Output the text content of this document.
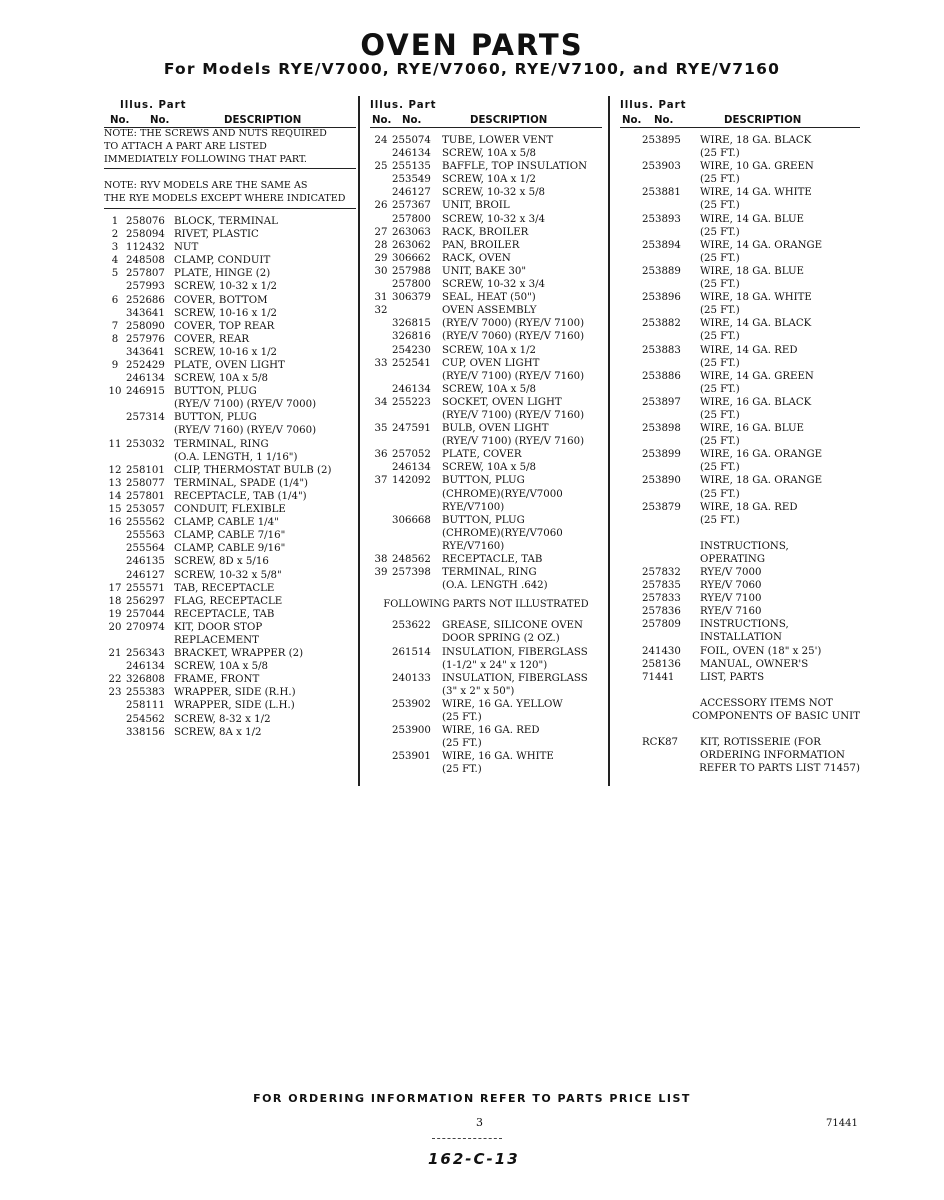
OVEN PARTS
For Models RYE/V7000, RYE/V7060, RYE/V7100, and RYE/V7160
Illus. Part
No. No.	DESCRIPTION
NOTE: THE SCREWS AND NUTS REQUIRED
TO ATTACH A PART ARE LISTED
IMMEDIATELY FOLLOWING THAT PART.
NOTE: RYV MODELS ARE THE SAME AS
THE RYE MODELS EXCEPT WHERE INDICATED
1 258076 BLOCK, TERMINAL
2 258094 RIVET, PLASTIC
3 112432 NUT
4 248508 CLAMP, CONDUIT
5 257807 PLATE, HINGE (2)
257993 SCREW, 10-32 x 1/2
6 252686 COVER, BOTTOM
343641 SCREW, 10-16 x 1/2
7 258090 COVER, TOP REAR
8 257976 COVER, REAR
343641 SCREW, 10-16 x 1/2
9 252429 PLATE, OVEN LIGHT
246134 SCREW, 10A x 5/8
10 246915 BUTTON, PLUG
(RYE/V 7100) (RYE/V 7000)
257314 BUTTON, PLUG
(RYE/V 7160) (RYE/V 7060)
11 253032 TERMINAL, RING
(O.A. LENGTH, 1 1/16")
12 258101 CLIP, THERMOSTAT BULB (2)
13 258077 TERMINAL, SPADE (1/4")
14 257801 RECEPTACLE, TAB (1/4")
15 253057 CONDUIT, FLEXIBLE
16 255562 CLAMP, CABLE 1/4"
255563 CLAMP, CABLE 7/16"
255564 CLAMP, CABLE 9/16"
246135 SCREW, 8D x 5/16
246127 SCREW, 10-32 x 5/8"
17 255571 TAB, RECEPTACLE
18 256297 FLAG, RECEPTACLE
19 257044 RECEPTACLE, TAB
20 270974 KIT, DOOR STOP
REPLACEMENT
21 256343 BRACKET, WRAPPER (2)
246134 SCREW, 10A x 5/8
22 326808 FRAME, FRONT
23 255383 WRAPPER, SIDE (R.H.)
258111 WRAPPER, SIDE (L.H.)
254562 SCREW, 8-32 x 1/2
338156 SCREW, 8A x 1/2
Illus. Part
No. No.	DESCRIPTION
24 255074	TUBE, LOWER VENT
246134	SCREW, 10A x 5/8
25 255135	BAFFLE, TOP INSULATION
253549	SCREW, 10A x 1/2
246127	SCREW, 10-32 x 5/8
26 257367	UNIT, BROIL
257800	SCREW, 10-32 x 3/4
27 263063	RACK, BROILER
28 263062	PAN, BROILER
29 306662	RACK, OVEN
30 257988	UNIT, BAKE 30"
257800	SCREW, 10-32 x 3/4
31 306379	SEAL, HEAT (50")
32	OVEN ASSEMBLY
326815	(RYE/V 7000) (RYE/V 7100)
326816	(RYE/V 7060) (RYE/V 7160)
254230	SCREW, 10A x 1/2
33 252541	CUP, OVEN LIGHT
(RYE/V 7100) (RYE/V 7160)
246134	SCREW, 10A x 5/8
34 255223	SOCKET, OVEN LIGHT
(RYE/V 7100) (RYE/V 7160)
35 247591	BULB, OVEN LIGHT
(RYE/V 7100) (RYE/V 7160)
36 257052	PLATE, COVER
246134	SCREW, 10A x 5/8
37 142092	BUTTON, PLUG
(CHROME)(RYE/V7000
RYE/V7100)
306668	BUTTON, PLUG
(CHROME)(RYE/V7060
RYE/V7160)
38 248562	RECEPTACLE, TAB
39 257398	TERMINAL, RING
(O.A. LENGTH .642)
FOLLOWING PARTS NOT ILLUSTRATED
253622	GREASE, SILICONE OVEN
DOOR SPRING (2 OZ.)
261514	INSULATION, FIBERGLASS
(1-1/2" x 24" x 120")
240133	INSULATION, FIBERGLASS
(3" x 2" x 50")
253902	WIRE, 16 GA. YELLOW
(25 FT.)
253900	WIRE, 16 GA. RED
(25 FT.)
253901	WIRE, 16 GA. WHITE
(25 FT.)
Illus. Part
No. No.	DESCRIPTION
253895	WIRE, 18 GA. BLACK
(25 FT.)
253903	WIRE, 10 GA. GREEN
(25 FT.)
253881	WIRE, 14 GA. WHITE
(25 FT.)
253893	WIRE, 14 GA. BLUE
(25 FT.)
253894	WIRE, 14 GA. ORANGE
(25 FT.)
253889	WIRE, 18 GA. BLUE
(25 FT.)
253896	WIRE, 18 GA. WHITE
(25 FT.)
253882	WIRE, 14 GA. BLACK
(25 FT.)
253883	WIRE, 14 GA. RED
(25 FT.)
253886	WIRE, 14 GA. GREEN
(25 FT.)
253897	WIRE, 16 GA. BLACK
(25 FT.)
253898	WIRE, 16 GA. BLUE
(25 FT.)
253899	WIRE, 16 GA. ORANGE
(25 FT.)
253890	WIRE, 18 GA. ORANGE
(25 FT.)
253879	WIRE, 18 GA. RED
(25 FT.)
INSTRUCTIONS,
OPERATING
257832	RYE/V 7000
257835	RYE/V 7060
257833	RYE/V 7100
257836	RYE/V 7160
257809	INSTRUCTIONS,
INSTALLATION
241430	FOIL, OVEN (18" x 25')
258136	MANUAL, OWNER'S
71441	LIST, PARTS
ACCESSORY ITEMS NOT
COMPONENTS OF BASIC UNIT
RCK87	KIT, ROTISSERIE (FOR
ORDERING INFORMATION
REFER TO PARTS LIST 71457)
FOR ORDERING INFORMATION REFER TO PARTS PRICE LIST
3	71441
162-C-13
